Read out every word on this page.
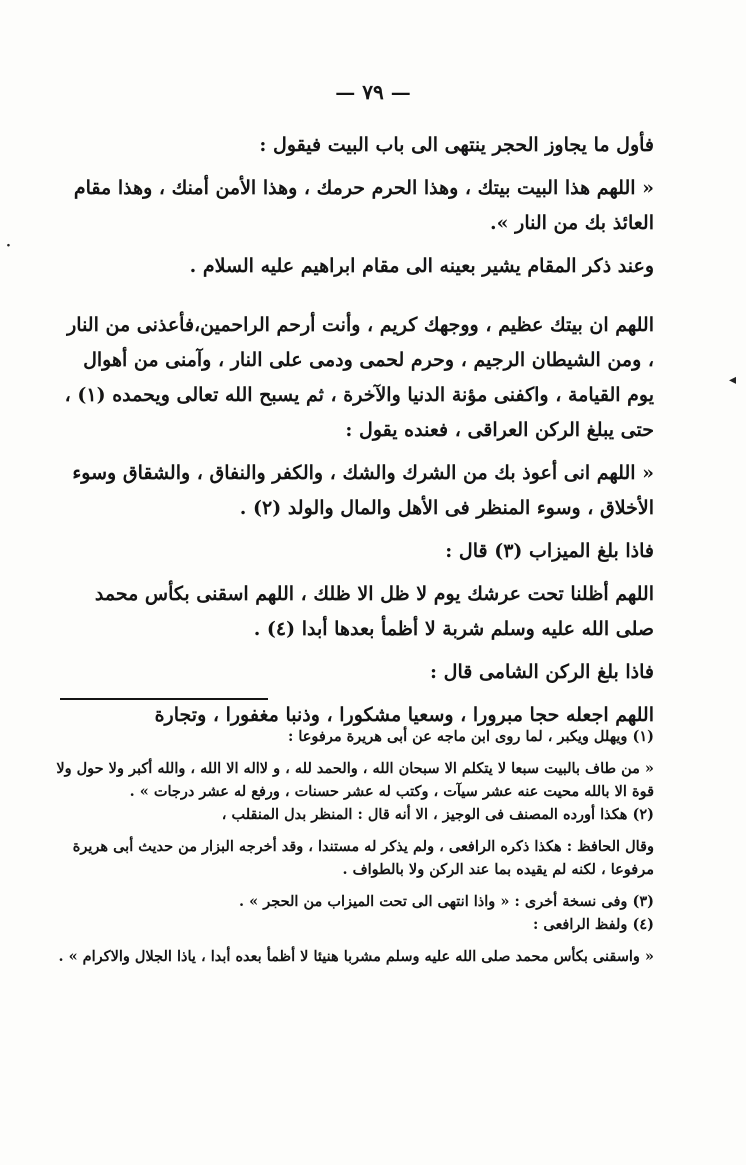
— ٧٩ —

فأول ما يجاوز الحجر ينتهى الى باب البيت فيقول :

« اللهم هذا البيت بيتك ، وهذا الحرم حرمك ، وهذا الأمن أمنك ، وهذا مقام العائذ بك من النار ».

وعند ذكر المقام يشير بعينه الى مقام ابراهيم عليه السلام .

اللهم ان بيتك عظيم ، ووجهك كريم ، وأنت أرحم الراحمين،فأعذنى من النار ، ومن الشيطان الرجيم ، وحرم لحمى ودمى على النار ، وآمنى من أهوال يوم القيامة ، واكفنى مؤنة الدنيا والآخرة ، ثم يسبح الله تعالى ويحمده (١) ، حتى يبلغ الركن العراقى ، فعنده يقول :

« اللهم انى أعوذ بك من الشرك والشك ، والكفر والنفاق ، والشقاق وسوء الأخلاق ، وسوء المنظر فى الأهل والمال والولد (٢) .

فاذا بلغ الميزاب (٣) قال :

اللهم أظلنا تحت عرشك يوم لا ظل الا ظلك ، اللهم اسقنى بكأس محمد صلى الله عليه وسلم شربة لا أظمأ بعدها أبدا (٤) .

فاذا بلغ الركن الشامى قال :

اللهم اجعله حجا مبرورا ، وسعيا مشكورا ، وذنبا مغفورا ، وتجارة

(١) ويهلل ويكبر ، لما روى ابن ماجه عن أبى هريرة مرفوعا :

« من طاف بالبيت سبعا لا يتكلم الا سبحان الله ، والحمد لله ، و لااله الا الله ، والله أكبر ولا حول ولا قوة الا بالله محيت عنه عشر سيآت ، وكتب له عشر حسنات ، ورفع له عشر درجات » .

(٢) هكذا أورده المصنف فى الوجيز ، الا أنه قال : المنظر بدل المنقلب ،

وقال الحافظ : هكذا ذكره الرافعى ، ولم يذكر له مستندا ، وقد أخرجه البزار من حديث أبى هريرة مرفوعا ، لكنه لم يقيده بما عند الركن ولا بالطواف .

(٣) وفى نسخة أخرى : « واذا انتهى الى تحت الميزاب من الحجر » .

(٤) ولفظ الرافعى :

« واسقنى بكأس محمد صلى الله عليه وسلم مشربا هنيئا لا أظمأ بعده أبدا ، ياذا الجلال والاكرام » .

◂
·
